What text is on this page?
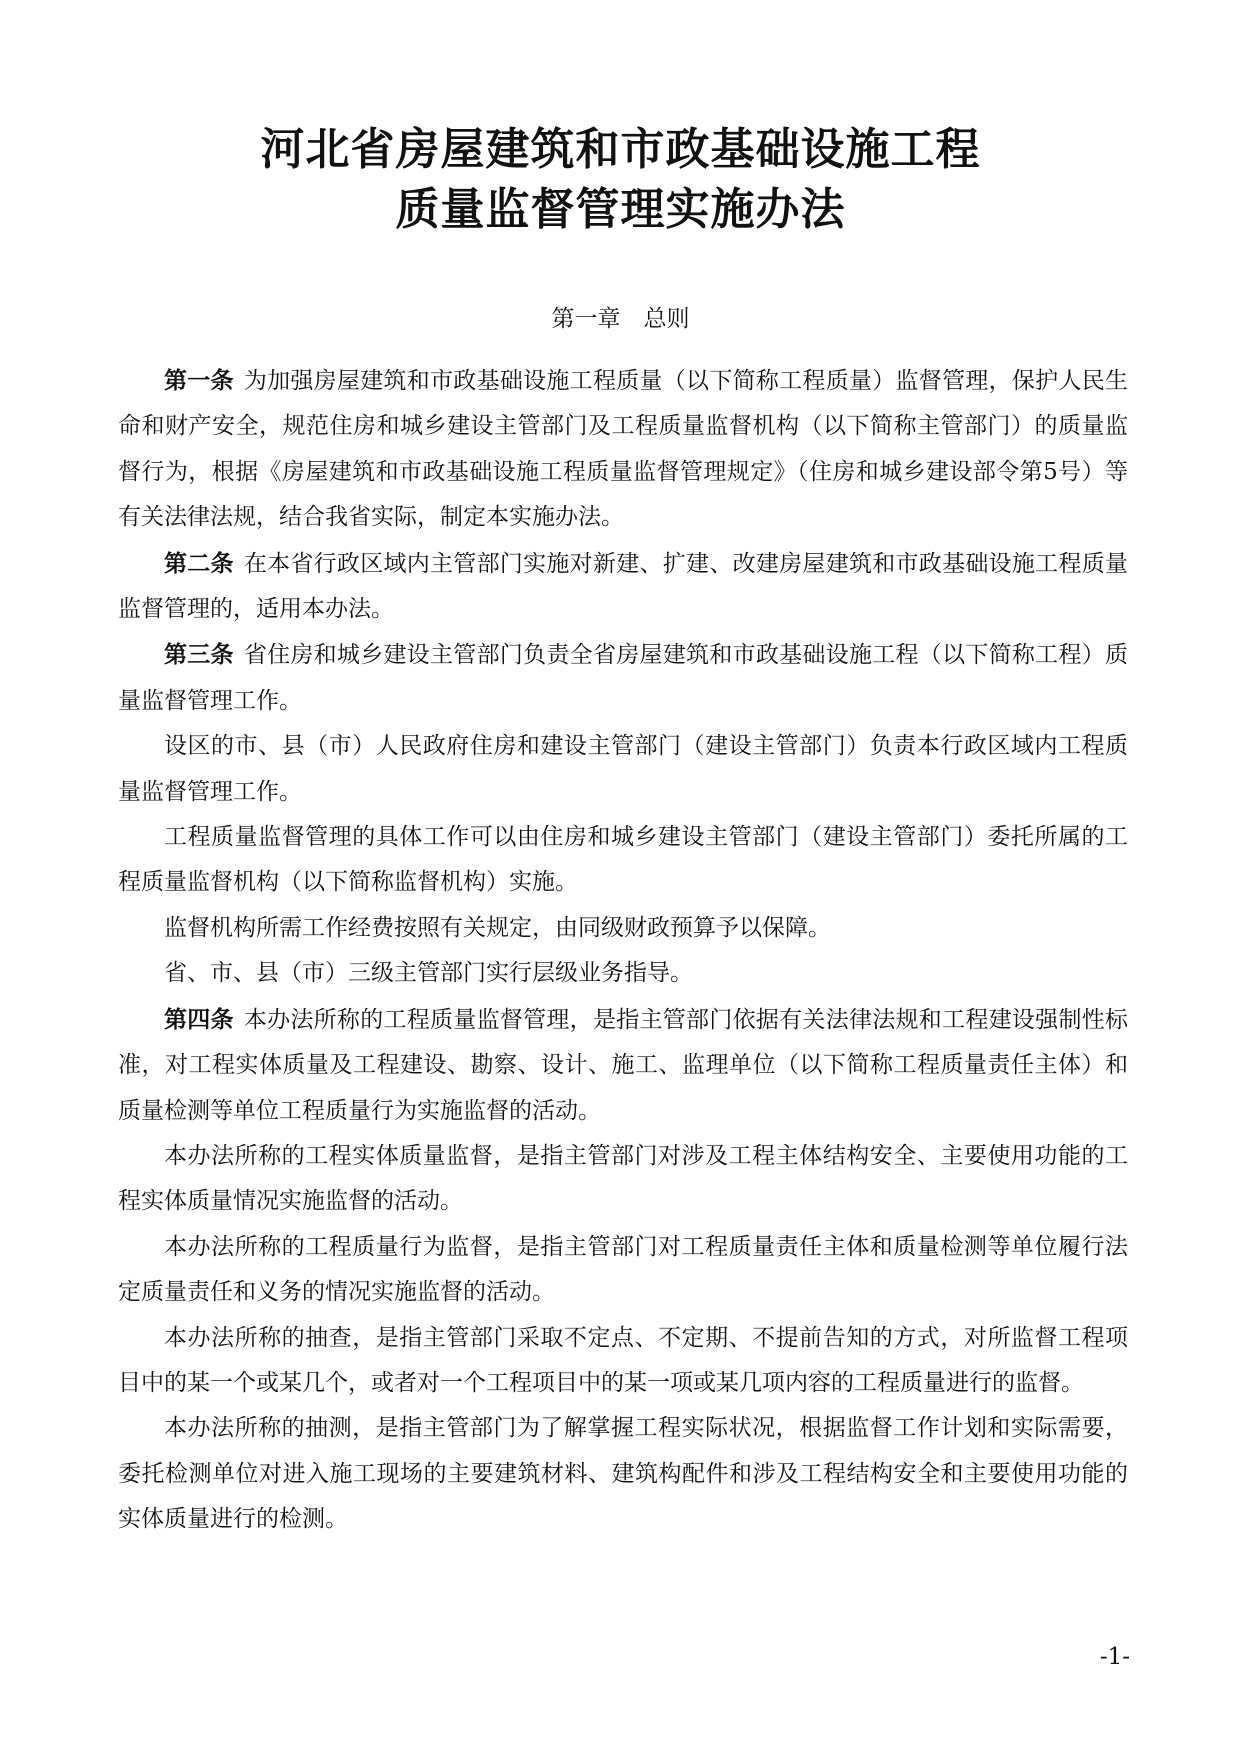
河北省房屋建筑和市政基础设施工程
质量监督管理实施办法
第一章　总则

第一条 为加强房屋建筑和市政基础设施工程质量（以下简称工程质量）监督管理，保护人民生命和财产安全，规范住房和城乡建设主管部门及工程质量监督机构（以下简称主管部门）的质量监督行为，根据《房屋建筑和市政基础设施工程质量监督管理规定》（住房和城乡建设部令第5号）等有关法律法规，结合我省实际，制定本实施办法。

第二条 在本省行政区域内主管部门实施对新建、扩建、改建房屋建筑和市政基础设施工程质量监督管理的，适用本办法。

第三条 省住房和城乡建设主管部门负责全省房屋建筑和市政基础设施工程（以下简称工程）质量监督管理工作。

设区的市、县（市）人民政府住房和建设主管部门（建设主管部门）负责本行政区域内工程质量监督管理工作。

工程质量监督管理的具体工作可以由住房和城乡建设主管部门（建设主管部门）委托所属的工程质量监督机构（以下简称监督机构）实施。

监督机构所需工作经费按照有关规定，由同级财政预算予以保障。

省、市、县（市）三级主管部门实行层级业务指导。

第四条 本办法所称的工程质量监督管理，是指主管部门依据有关法律法规和工程建设强制性标准，对工程实体质量及工程建设、勘察、设计、施工、监理单位（以下简称工程质量责任主体）和质量检测等单位工程质量行为实施监督的活动。

本办法所称的工程实体质量监督，是指主管部门对涉及工程主体结构安全、主要使用功能的工程实体质量情况实施监督的活动。

本办法所称的工程质量行为监督，是指主管部门对工程质量责任主体和质量检测等单位履行法定质量责任和义务的情况实施监督的活动。

本办法所称的抽查，是指主管部门采取不定点、不定期、不提前告知的方式，对所监督工程项目中的某一个或某几个，或者对一个工程项目中的某一项或某几项内容的工程质量进行的监督。

本办法所称的抽测，是指主管部门为了解掌握工程实际状况，根据监督工作计划和实际需要，委托检测单位对进入施工现场的主要建筑材料、建筑构配件和涉及工程结构安全和主要使用功能的实体质量进行的检测。

-1-
